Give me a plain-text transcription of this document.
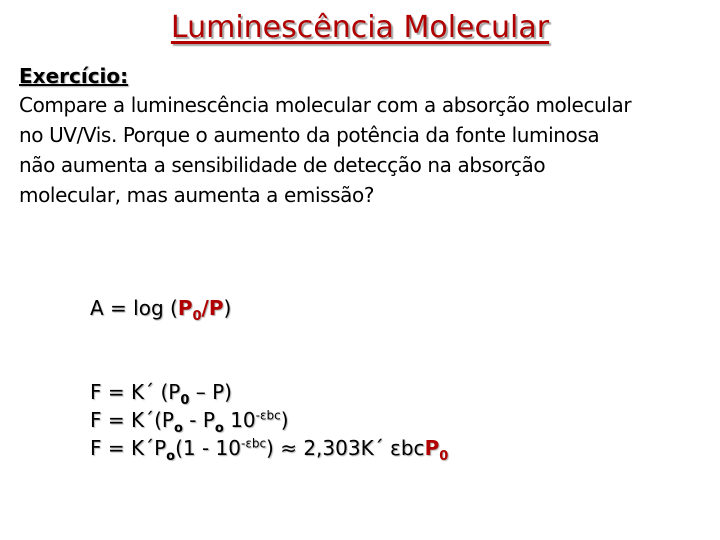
Luminescência Molecular
Exercício:
Compare a luminescência molecular com a absorção molecular
no UV/Vis. Porque o aumento da potência da fonte luminosa
não aumenta a sensibilidade de detecção na absorção
molecular, mas aumenta a emissão?
$A = \log (P_0/P)$
F = K´ $(P_0 - P)$
$F = K´(P_o - P_o$ $10^{-\varepsilon bc}$)
$F = K´P_o(1 - 10^{-\varepsilon bc})$ ≈ 2,303K´ εbcP$_0$
